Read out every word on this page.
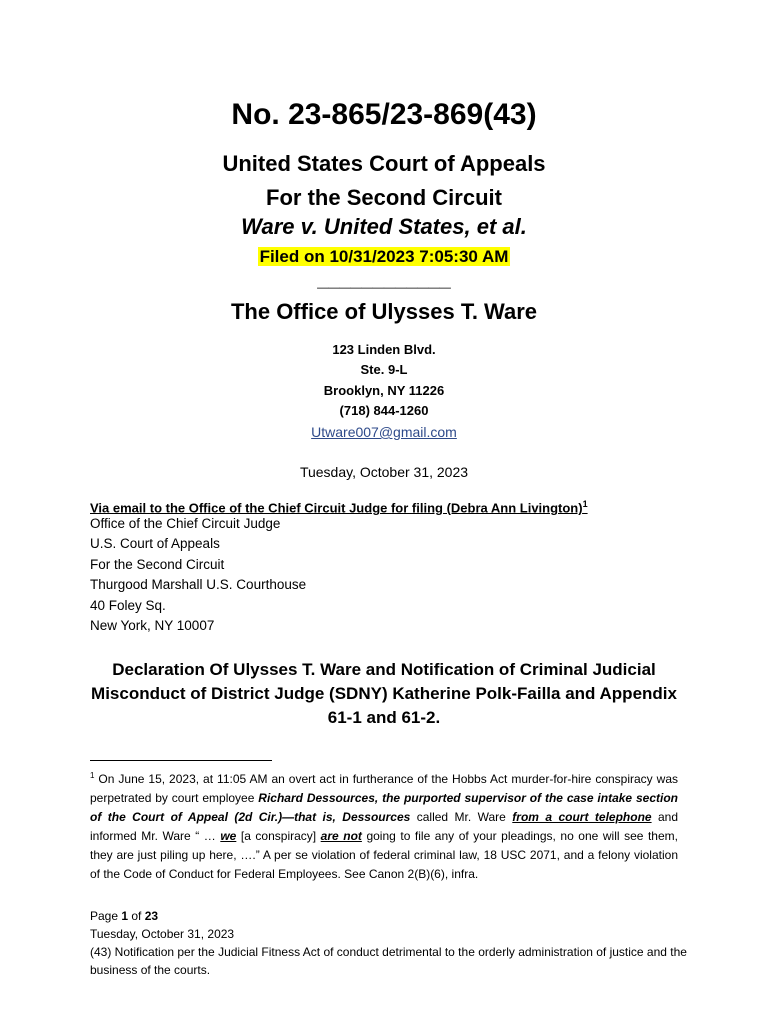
No. 23-865/23-869(43)
United States Court of Appeals
For the Second Circuit
Ware v. United States, et al.
Filed on 10/31/2023 7:05:30 AM
____________
The Office of Ulysses T. Ware
123 Linden Blvd.
Ste. 9-L
Brooklyn, NY 11226
(718) 844-1260
Utware007@gmail.com
Tuesday, October 31, 2023
Via email to the Office of the Chief Circuit Judge for filing (Debra Ann Livington)$^1$
Office of the Chief Circuit Judge
U.S. Court of Appeals
For the Second Circuit
Thurgood Marshall U.S. Courthouse
40 Foley Sq.
New York, NY 10007
Declaration Of Ulysses T. Ware and Notification of Criminal Judicial Misconduct of District Judge (SDNY) Katherine Polk-Failla and Appendix 61-1 and 61-2.
$^1$ On June 15, 2023, at 11:05 AM an overt act in furtherance of the Hobbs Act murder-for-hire conspiracy was perpetrated by court employee Richard Dessources, the purported supervisor of the case intake section of the Court of Appeal (2d Cir.)—that is, Dessources called Mr. Ware from a court telephone and informed Mr. Ware “ … we [a conspiracy] are not going to file any of your pleadings, no one will see them, they are just piling up here, ….” A per se violation of federal criminal law, 18 USC 2071, and a felony violation of the Code of Conduct for Federal Employees. See Canon 2(B)(6), infra.
Page 1 of 23
Tuesday, October 31, 2023
(43) Notification per the Judicial Fitness Act of conduct detrimental to the orderly administration of justice and the business of the courts.
